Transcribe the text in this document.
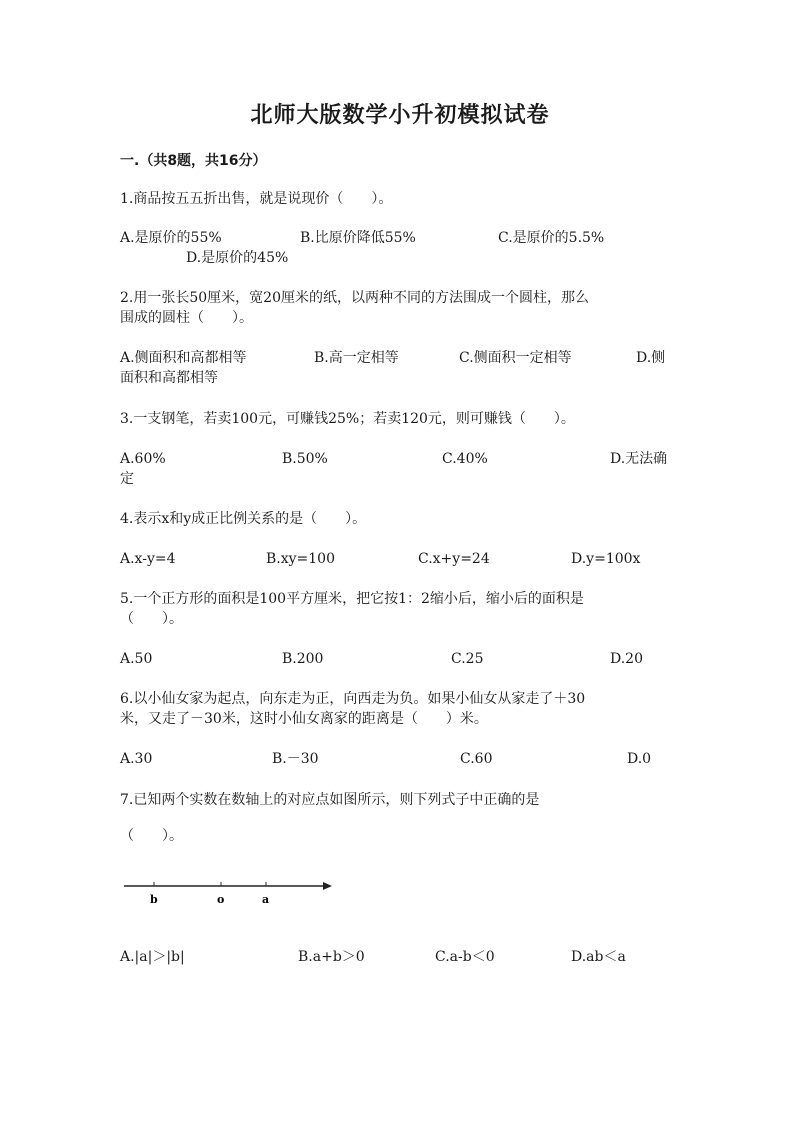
北师大版数学小升初模拟试卷
一.（共8题，共16分）
1.商品按五五折出售，就是说现价（　　）。
A.是原价的55%	B.比原价降低55%	C.是原价的5.5%
D.是原价的45%
2.用一张长50厘米，宽20厘米的纸，以两种不同的方法围成一个圆柱，那么
围成的圆柱（　　）。
A.侧面积和高都相等	B.高一定相等	C.侧面积一定相等	D.侧
面积和高都相等
3.一支钢笔，若卖100元，可赚钱25%；若卖120元，则可赚钱（　　）。
A.60%	B.50%	C.40%	D.无法确
定
4.表示x和y成正比例关系的是（　　）。
A.x-y=4	B.xy=100	C.x+y=24	D.y=100x
5.一个正方形的面积是100平方厘米，把它按1：2缩小后，缩小后的面积是
（　　）。
A.50	B.200	C.25	D.20
6.以小仙女家为起点，向东走为正，向西走为负。如果小仙女从家走了＋30
米，又走了－30米，这时小仙女离家的距离是（　　）米。
A.30	B.－30	C.60	D.0
7.已知两个实数在数轴上的对应点如图所示，则下列式子中正确的是
（　　）。
b	o	a
A.|a|＞|b|	B.a+b＞0	C.a-b＜0	D.ab＜a
